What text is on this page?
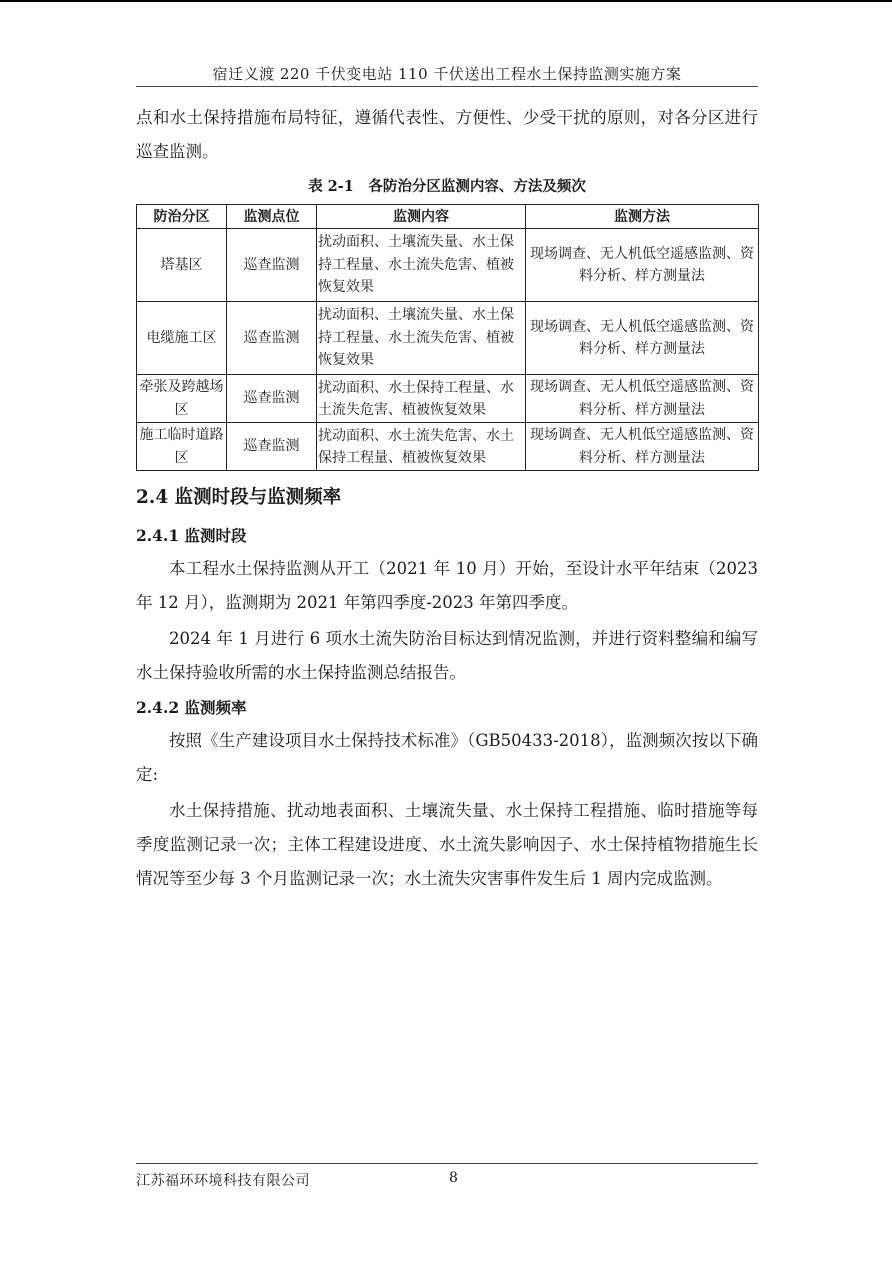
宿迁义渡 220 千伏变电站 110 千伏送出工程水土保持监测实施方案

点和水土保持措施布局特征，遵循代表性、方便性、少受干扰的原则，对各分区进行巡查监测。

表 2-1　各防治分区监测内容、方法及频次
防治分区	监测点位	监测内容	监测方法
塔基区	巡查监测	扰动面积、土壤流失量、水土保持工程量、水土流失危害、植被恢复效果	现场调查、无人机低空遥感监测、资料分析、样方测量法
电缆施工区	巡查监测	扰动面积、土壤流失量、水土保持工程量、水土流失危害、植被恢复效果	现场调查、无人机低空遥感监测、资料分析、样方测量法
牵张及跨越场区	巡查监测	扰动面积、水土保持工程量、水土流失危害、植被恢复效果	现场调查、无人机低空遥感监测、资料分析、样方测量法
施工临时道路区	巡查监测	扰动面积、水土流失危害、水土保持工程量、植被恢复效果	现场调查、无人机低空遥感监测、资料分析、样方测量法
2.4 监测时段与监测频率
2.4.1 监测时段

本工程水土保持监测从开工（2021 年 10 月）开始，至设计水平年结束（2023 年 12 月），监测期为 2021 年第四季度-2023 年第四季度。

2024 年 1 月进行 6 项水土流失防治目标达到情况监测，并进行资料整编和编写水土保持验收所需的水土保持监测总结报告。

2.4.2 监测频率

按照《生产建设项目水土保持技术标准》（GB50433-2018），监测频次按以下确定:

水土保持措施、扰动地表面积、土壤流失量、水土保持工程措施、临时措施等每季度监测记录一次；主体工程建设进度、水土流失影响因子、水土保持植物措施生长情况等至少每 3 个月监测记录一次；水土流失灾害事件发生后 1 周内完成监测。

江苏福环环境科技有限公司	8
